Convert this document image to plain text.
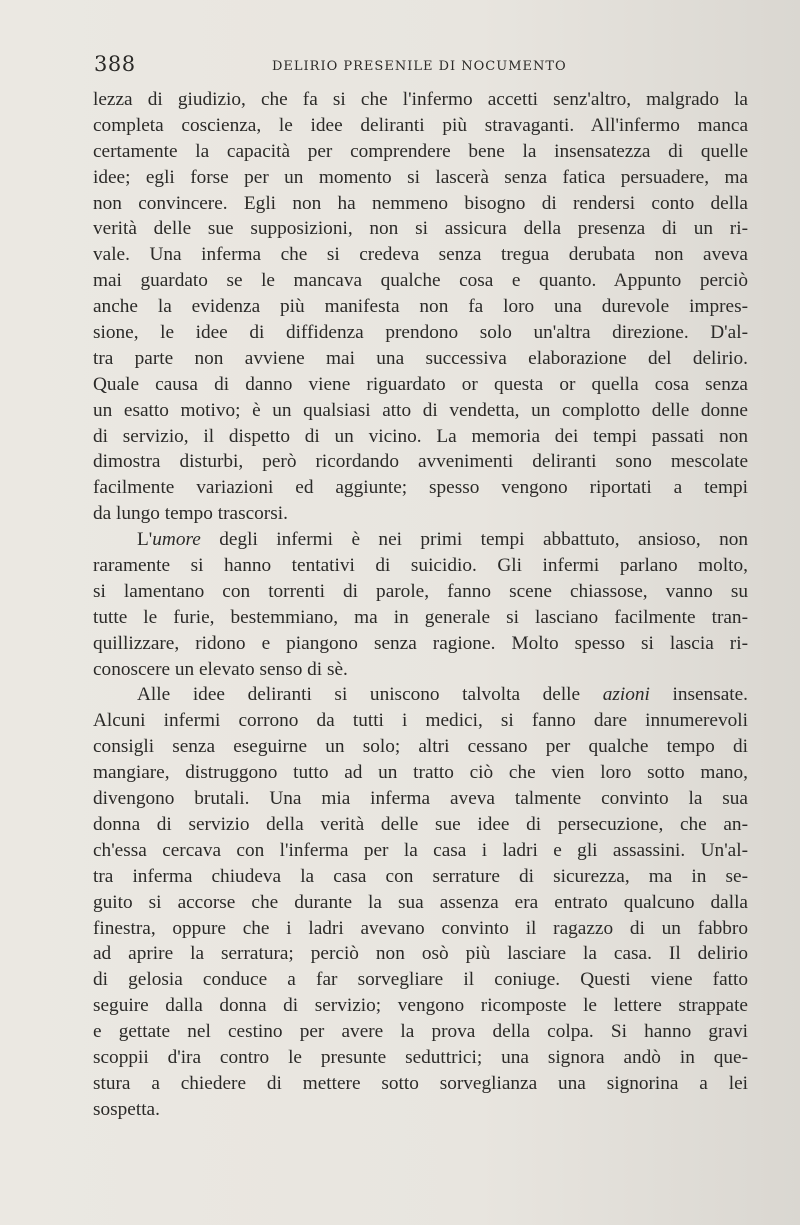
388	DELIRIO PRESENILE DI NOCUMENTO
lezza di giudizio, che fa si che l'infermo accetti senz'altro, malgrado la
completa coscienza, le idee deliranti più stravaganti. All'infermo manca
certamente la capacità per comprendere bene la insensatezza di quelle
idee; egli forse per un momento si lascerà senza fatica persuadere, ma
non convincere. Egli non ha nemmeno bisogno di rendersi conto della
verità delle sue supposizioni, non si assicura della presenza di un ri-
vale. Una inferma che si credeva senza tregua derubata non aveva
mai guardato se le mancava qualche cosa e quanto. Appunto perciò
anche la evidenza più manifesta non fa loro una durevole impres-
sione, le idee di diffidenza prendono solo un'altra direzione. D'al-
tra parte non avviene mai una successiva elaborazione del delirio.
Quale causa di danno viene riguardato or questa or quella cosa senza
un esatto motivo; è un qualsiasi atto di vendetta, un complotto delle donne
di servizio, il dispetto di un vicino. La memoria dei tempi passati non
dimostra disturbi, però ricordando avvenimenti deliranti sono mescolate
facilmente variazioni ed aggiunte; spesso vengono riportati a tempi
da lungo tempo trascorsi.
L'umore degli infermi è nei primi tempi abbattuto, ansioso, non
raramente si hanno tentativi di suicidio. Gli infermi parlano molto,
si lamentano con torrenti di parole, fanno scene chiassose, vanno su
tutte le furie, bestemmiano, ma in generale si lasciano facilmente tran-
quillizzare, ridono e piangono senza ragione. Molto spesso si lascia ri-
conoscere un elevato senso di sè.
Alle idee deliranti si uniscono talvolta delle azioni insensate.
Alcuni infermi corrono da tutti i medici, si fanno dare innumerevoli
consigli senza eseguirne un solo; altri cessano per qualche tempo di
mangiare, distruggono tutto ad un tratto ciò che vien loro sotto mano,
divengono brutali. Una mia inferma aveva talmente convinto la sua
donna di servizio della verità delle sue idee di persecuzione, che an-
ch'essa cercava con l'inferma per la casa i ladri e gli assassini. Un'al-
tra inferma chiudeva la casa con serrature di sicurezza, ma in se-
guito si accorse che durante la sua assenza era entrato qualcuno dalla
finestra, oppure che i ladri avevano convinto il ragazzo di un fabbro
ad aprire la serratura; perciò non osò più lasciare la casa. Il delirio
di gelosia conduce a far sorvegliare il coniuge. Questi viene fatto
seguire dalla donna di servizio; vengono ricomposte le lettere strappate
e gettate nel cestino per avere la prova della colpa. Si hanno gravi
scoppii d'ira contro le presunte seduttrici; una signora andò in que-
stura a chiedere di mettere sotto sorveglianza una signorina a lei
sospetta.
